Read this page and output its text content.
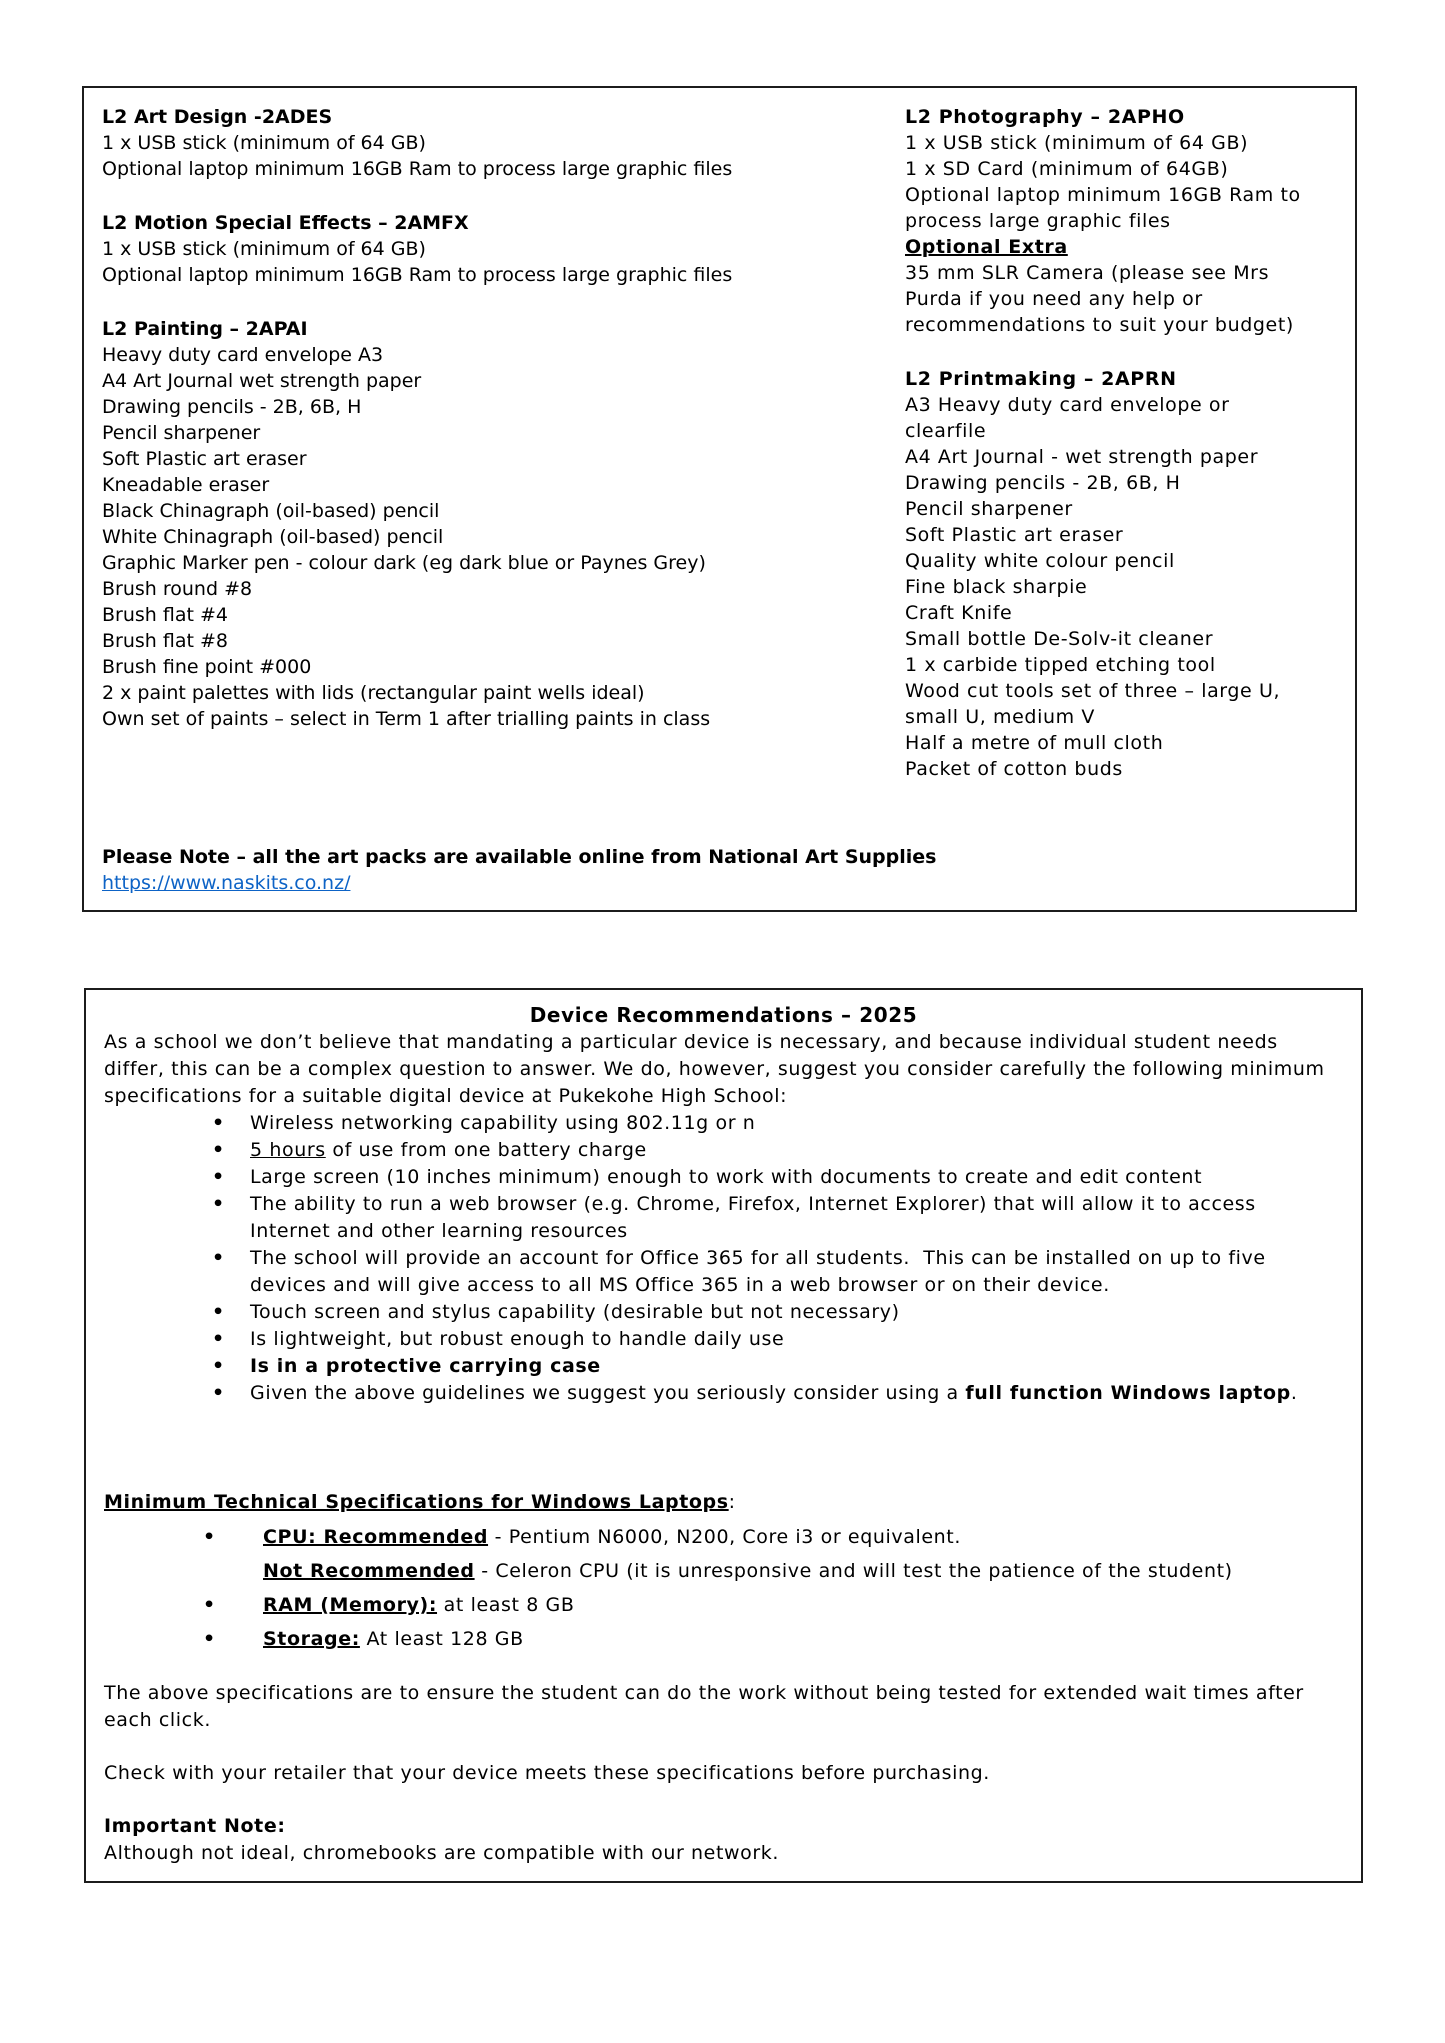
L2 Art Design -2ADES
1 x USB stick (minimum of 64 GB)
Optional laptop minimum 16GB Ram to process large graphic files
L2 Motion Special Effects – 2AMFX
1 x USB stick (minimum of 64 GB)
Optional laptop minimum 16GB Ram to process large graphic files
L2 Painting – 2APAI
Heavy duty card envelope A3
A4 Art Journal wet strength paper
Drawing pencils - 2B, 6B, H
Pencil sharpener
Soft Plastic art eraser
Kneadable eraser
Black Chinagraph (oil-based) pencil
White Chinagraph (oil-based) pencil
Graphic Marker pen - colour dark (eg dark blue or Paynes Grey)
Brush round #8
Brush flat #4
Brush flat #8
Brush fine point #000
2 x paint palettes with lids (rectangular paint wells ideal)
Own set of paints – select in Term 1 after trialling paints in class
L2 Photography – 2APHO
1 x USB stick (minimum of 64 GB)
1 x SD Card (minimum of 64GB)
Optional laptop minimum 16GB Ram to process large graphic files
Optional Extra
35 mm SLR Camera (please see Mrs Purda if you need any help or recommendations to suit your budget)
L2 Printmaking – 2APRN
A3 Heavy duty card envelope or clearfile
A4 Art Journal - wet strength paper
Drawing pencils - 2B, 6B, H
Pencil sharpener
Soft Plastic art eraser
Quality white colour pencil
Fine black sharpie
Craft Knife
Small bottle De-Solv-it cleaner
1 x carbide tipped etching tool
Wood cut tools set of three – large U, small U, medium V
Half a metre of mull cloth
Packet of cotton buds

Please Note – all the art packs are available online from National Art Supplies

https://www.naskits.co.nz/
Device Recommendations – 2025

As a school we don’t believe that mandating a particular device is necessary, and because individual student needs differ, this can be a complex question to answer. We do, however, suggest you consider carefully the following minimum specifications for a suitable digital device at Pukekohe High School:

• Wireless networking capability using 802.11g or n
• 5 hours of use from one battery charge
• Large screen (10 inches minimum) enough to work with documents to create and edit content
• The ability to run a web browser (e.g. Chrome, Firefox, Internet Explorer) that will allow it to access Internet and other learning resources
• The school will provide an account for Office 365 for all students.  This can be installed on up to five devices and will give access to all MS Office 365 in a web browser or on their device.
• Touch screen and stylus capability (desirable but not necessary)
• Is lightweight, but robust enough to handle daily use
• Is in a protective carrying case
• Given the above guidelines we suggest you seriously consider using a full function Windows laptop.

Minimum Technical Specifications for Windows Laptops:

• CPU: Recommended - Pentium N6000, N200, Core i3 or equivalent.
Not Recommended - Celeron CPU (it is unresponsive and will test the patience of the student)
• RAM (Memory): at least 8 GB
• Storage: At least 128 GB

The above specifications are to ensure the student can do the work without being tested for extended wait times after each click.

Check with your retailer that your device meets these specifications before purchasing.

Important Note:

Although not ideal, chromebooks are compatible with our network.
